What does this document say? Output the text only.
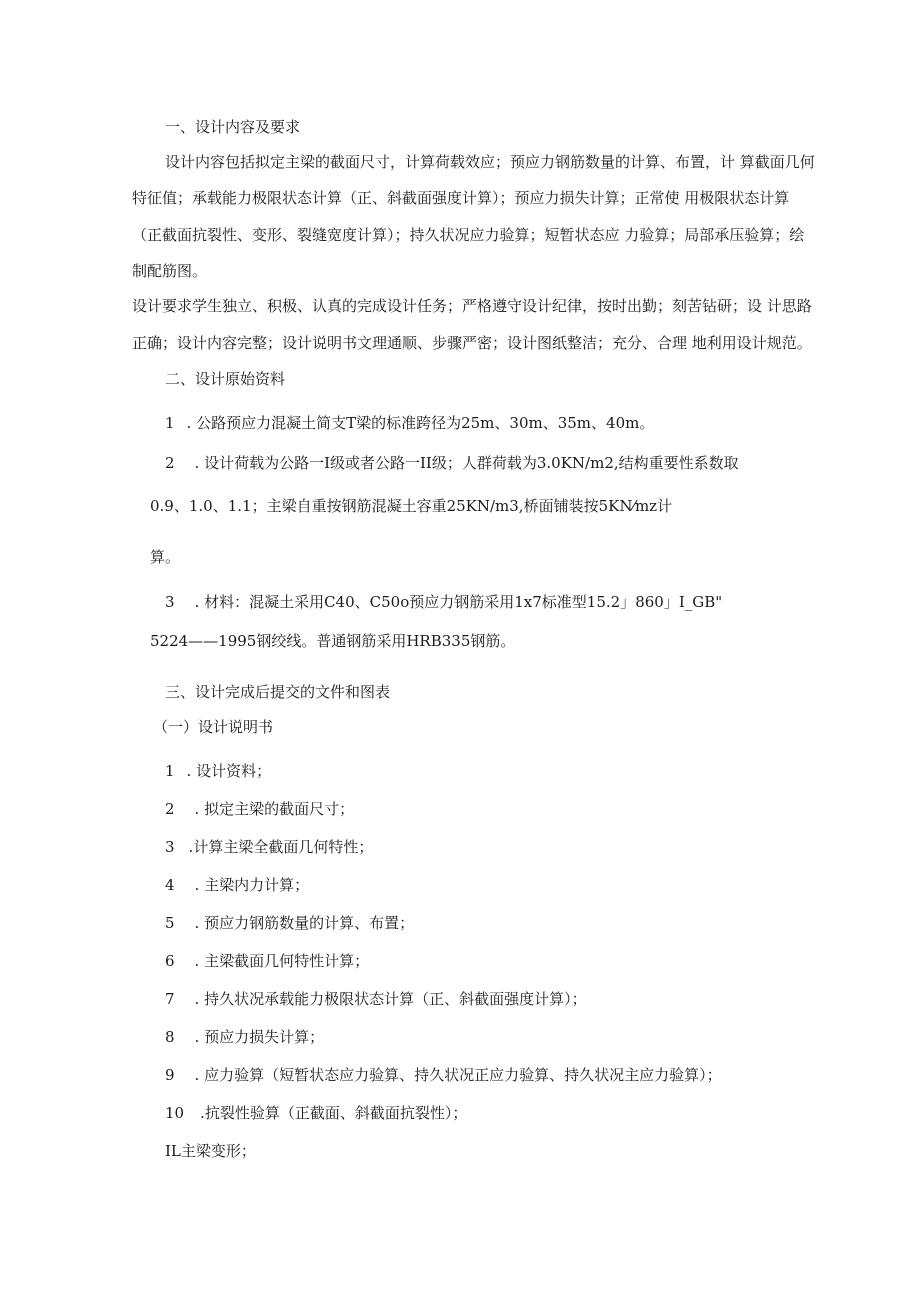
一、设计内容及要求
设计内容包括拟定主梁的截面尺寸，计算荷载效应；预应力钢筋数量的计算、布置，计 算截面几何
特征值；承载能力极限状态计算（正、斜截面强度计算）；预应力损失计算；正常使 用极限状态计算
（正截面抗裂性、变形、裂缝宽度计算）；持久状况应力验算；短暂状态应 力验算；局部承压验算；绘
制配筋图。
设计要求学生独立、积极、认真的完成设计任务；严格遵守设计纪律，按时出勤；刻苦钻研；设 计思路
正确；设计内容完整；设计说明书文理通顺、步骤严密；设计图纸整洁；充分、合理 地利用设计规范。
二、设计原始资料
1 . 公路预应力混凝土简支T梁的标准跨径为25m、30m、35m、40m。
2 . 设计荷载为公路一I级或者公路一II级；人群荷载为3.0KN/m2,结构重要性系数取
0.9、1.0、1.1；主梁自重按钢筋混凝土容重25KN/m3,桥面铺装按5KN⁄mz计
算。
3 . 材料：混凝土采用C40、C50o预应力钢筋采用1x7标准型15.2」860」I_GB"
5224——1995钢绞线。普通钢筋采用HRB335钢筋。
三、设计完成后提交的文件和图表
（一）设计说明书
1 . 设计资料；
2 . 拟定主梁的截面尺寸；
3 .计算主梁全截面几何特性；
4 . 主梁内力计算；
5 . 预应力钢筋数量的计算、布置；
6 . 主梁截面几何特性计算；
7 . 持久状况承载能力极限状态计算（正、斜截面强度计算）；
8 . 预应力损失计算；
9 . 应力验算（短暂状态应力验算、持久状况正应力验算、持久状况主应力验算）；
10 .抗裂性验算（正截面、斜截面抗裂性）；
IL主梁变形；
